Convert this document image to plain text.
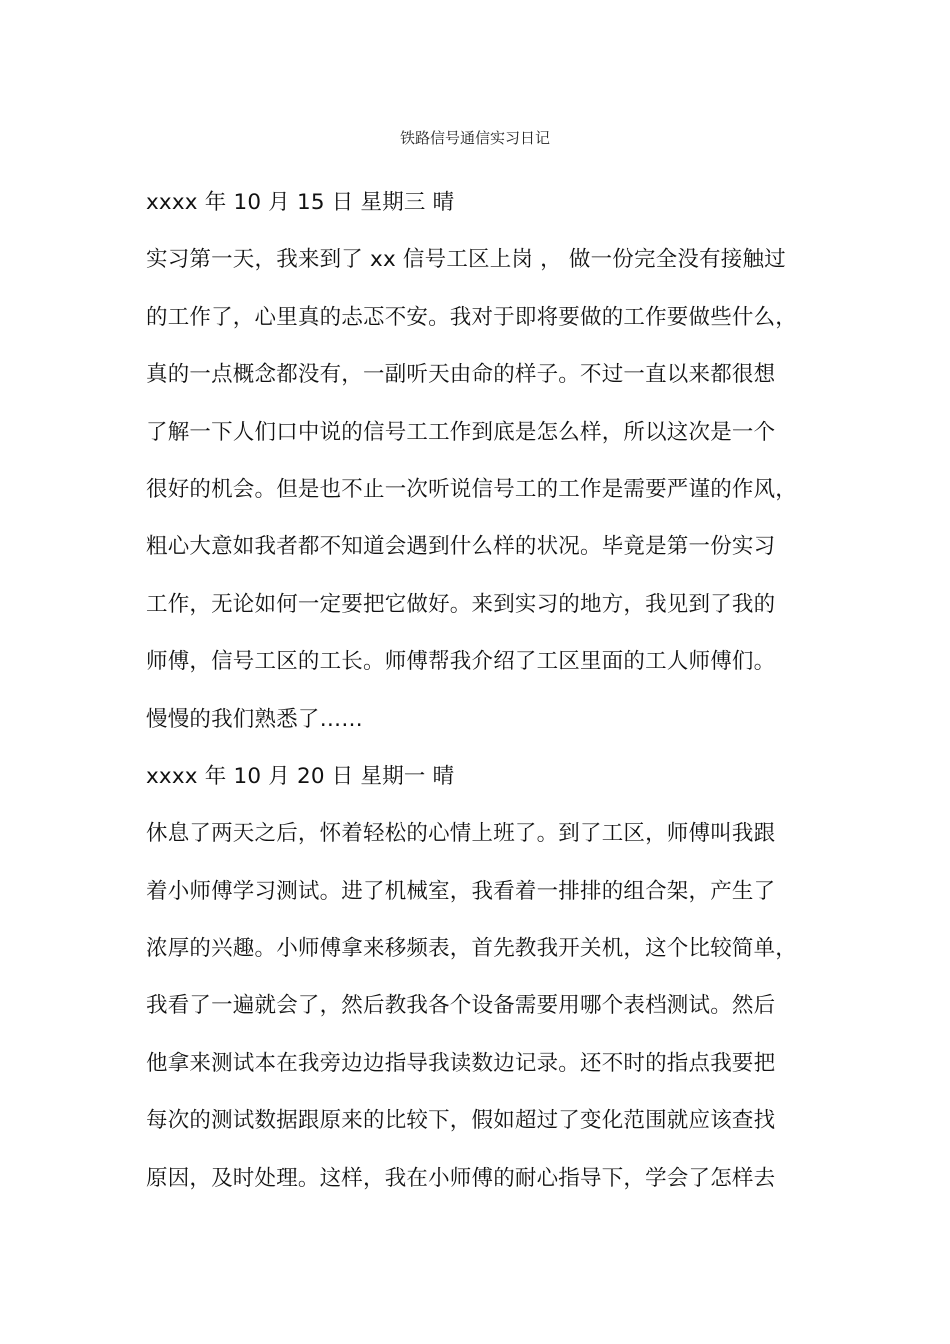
铁路信号通信实习日记
xxxx 年 10 月 15 日 星期三 晴
实习第一天，我来到了 xx 信号工区上岗 ， 做一份完全没有接触过
的工作了，心里真的忐忑不安。我对于即将要做的工作要做些什么，
真的一点概念都没有，一副听天由命的样子。不过一直以来都很想
了解一下人们口中说的信号工工作到底是怎么样，所以这次是一个
很好的机会。但是也不止一次听说信号工的工作是需要严谨的作风，
粗心大意如我者都不知道会遇到什么样的状况。毕竟是第一份实习
工作，无论如何一定要把它做好。来到实习的地方，我见到了我的
师傅，信号工区的工长。师傅帮我介绍了工区里面的工人师傅们。
慢慢的我们熟悉了……
xxxx 年 10 月 20 日 星期一 晴
休息了两天之后，怀着轻松的心情上班了。到了工区，师傅叫我跟
着小师傅学习测试。进了机械室，我看着一排排的组合架，产生了
浓厚的兴趣。小师傅拿来移频表，首先教我开关机，这个比较简单，
我看了一遍就会了，然后教我各个设备需要用哪个表档测试。然后
他拿来测试本在我旁边边指导我读数边记录。还不时的指点我要把
每次的测试数据跟原来的比较下，假如超过了变化范围就应该查找
原因，及时处理。这样，我在小师傅的耐心指导下，学会了怎样去
